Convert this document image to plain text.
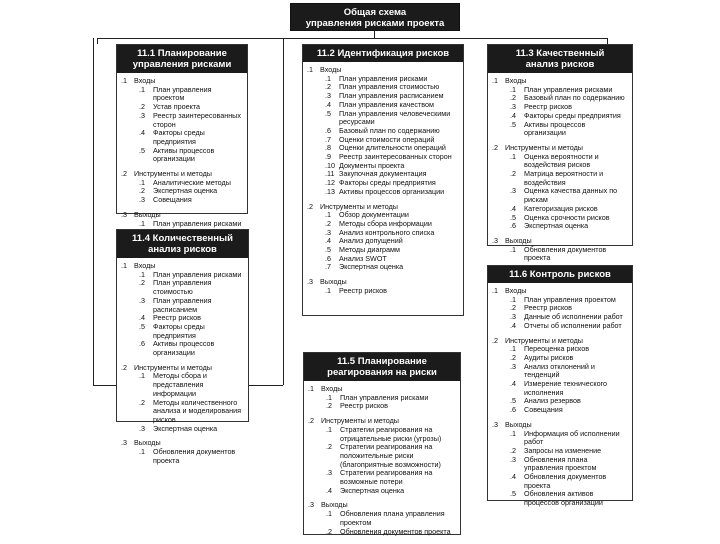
Общая схема
управления рисками проекта
11.1 Планирование
управления рисками
.1 Входы
.1	План управления проектом
.2	Устав проекта
.3	Реестр заинтересованных сторон
.4	Факторы среды предприятия
.5	Активы процессов организации
.2 Инструменты и методы
.1	Аналитические методы
.2	Экспертная оценка
.3	Совещания
.3 Выходы
.1	План управления рисками
11.2 Идентификация рисков
.1 Входы
.1	План управления рисками
.2	План управления стоимостью
.3	План управления расписанием
.4	План управления качеством
.5	План управления человеческими ресурсами
.6	Базовый план по содержанию
.7	Оценки стоимости операций
.8	Оценки длительности операций
.9	Реестр заинтересованных сторон
.10 Документы проекта
.11 Закупочная документация
.12 Факторы среды предприятия
.13 Активы процессов организации
.2 Инструменты и методы
.1	Обзор документации
.2	Методы сбора информации
.3	Анализ контрольного списка
.4	Анализ допущений
.5	Методы диаграмм
.6	Анализ SWOT
.7	Экспертная оценка
.3 Выходы
.1	Реестр рисков
11.3 Качественный
анализ рисков
.1 Входы
.1	План управления рисками
.2	Базовый план по содержанию
.3	Реестр рисков
.4	Факторы среды предприятия
.5	Активы процессов организации
.2 Инструменты и методы
.1	Оценка вероятности и воздействия рисков
.2	Матрица вероятности и воздействия
.3	Оценка качества данных по рискам
.4	Категоризация рисков
.5	Оценка срочности рисков
.6	Экспертная оценка
.3 Выходы
.1	Обновления документов проекта
11.4 Количественный
анализ рисков
.1 Входы
.1	План управления рисками
.2	План управления стоимостью
.3	План управления расписанием
.4	Реестр рисков
.5	Факторы среды предприятия
.6	Активы процессов организации
.2 Инструменты и методы
.1	Методы сбора и представления информации
.2	Методы количественного анализа и моделирования рисков
.3	Экспертная оценка
.3 Выходы
.1	Обновления документов проекта
11.5 Планирование
реагирования на риски
.1 Входы
.1	План управления рисками
.2	Реестр рисков
.2 Инструменты и методы
.1	Стратегии реагирования на отрицательные риски (угрозы)
.2	Стратегии реагирования на положительные риски (благоприятные возможности)
.3	Стратегии реагирования на возможные потери
.4	Экспертная оценка
.3 Выходы
.1	Обновления плана управления проектом
.2	Обновления документов проекта
11.6 Контроль рисков
.1 Входы
.1	План управления проектом
.2	Реестр рисков
.3	Данные об исполнении работ
.4	Отчеты об исполнении работ
.2 Инструменты и методы
.1	Переоценка рисков
.2	Аудиты рисков
.3	Анализ отклонений и тенденций
.4	Измерение технического исполнения
.5	Анализ резервов
.6	Совещания
.3 Выходы
.1	Информация об исполнении работ
.2	Запросы на изменение
.3	Обновления плана управления проектом
.4	Обновления документов проекта
.5	Обновления активов процессов организации
